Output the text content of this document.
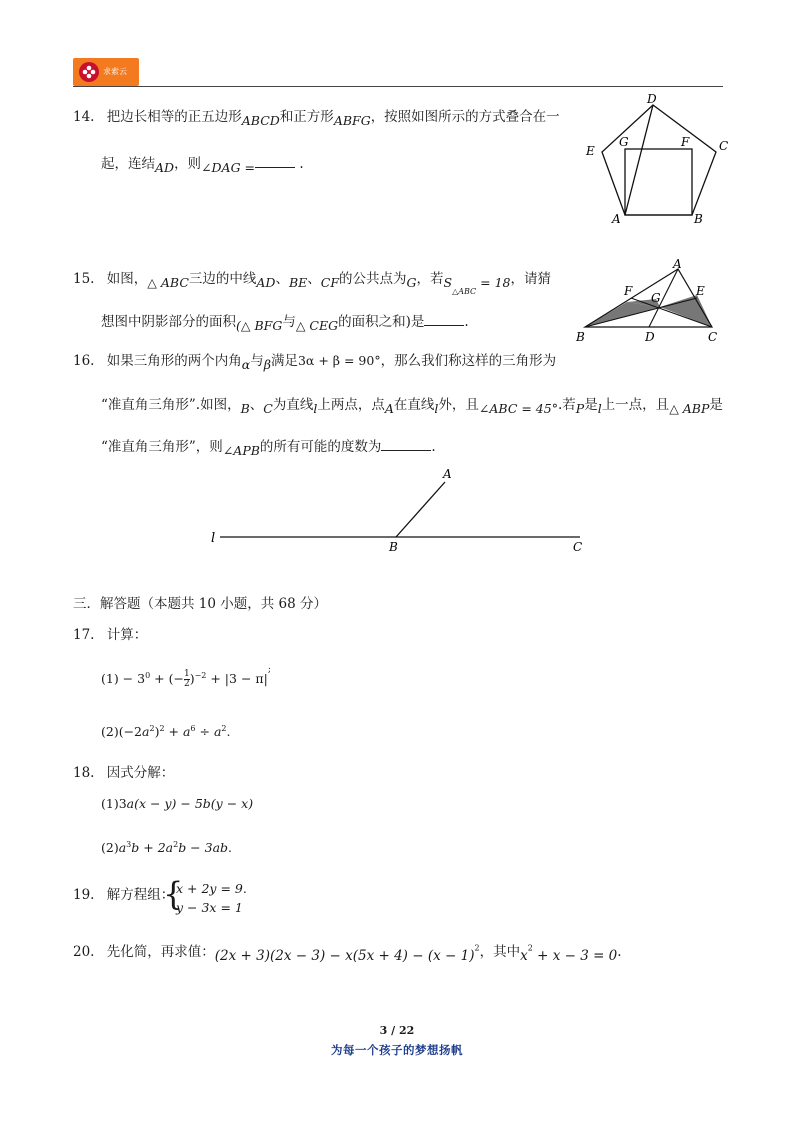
求索云
14. 把边长相等的正五边形ABCD和正方形ABFG，按照如图所示的方式叠合在一
起，连结AD，则∠DAG =	.
D
E
G	F C
A	B
15. 如图，△ ABC三边的中线AD、BE、CF的公共点为G，若$S_{\triangle ABC} = 18$，请猜
想图中阴影部分的面积(△ BFG与△ CEG的面积之和)是	.
A
F G	E
B	D	C
16. 如果三角形的两个内角α与β满足3α + β = 90°，那么我们称这样的三角形为
“准直角三角形”.如图，B、C为直线l上两点，点A在直线l外，且∠ABC = 45°.若P是l上一点，且△ ABP是
“准直角三角形”，则∠APB的所有可能的度数为	.
A
l
B	C
三．解答题（本题共 10 小题，共 68 分）
17. 计算：
$(1) - 3^0$ + (− $\frac{1}{2} )^{-2} + |3 - \pi|^;$
$(2)(-2a^2)^2 + a^6 \div a^2$.
18. 因式分解：
(1)3a(x − y) − 5b(y − x)
$(2)a^3b + 2a^2b - 3ab$.
19. 解方程组：
{
x + 2y = 9.
y − 3x = 1
20. 先化简，再求值：$(2x + 3)(2x - 3) - x(5x + 4) - (x - 1)^2$，其中$x^2 + x - 3 = 0$.
3 / 22
为每一个孩子的梦想扬帆
